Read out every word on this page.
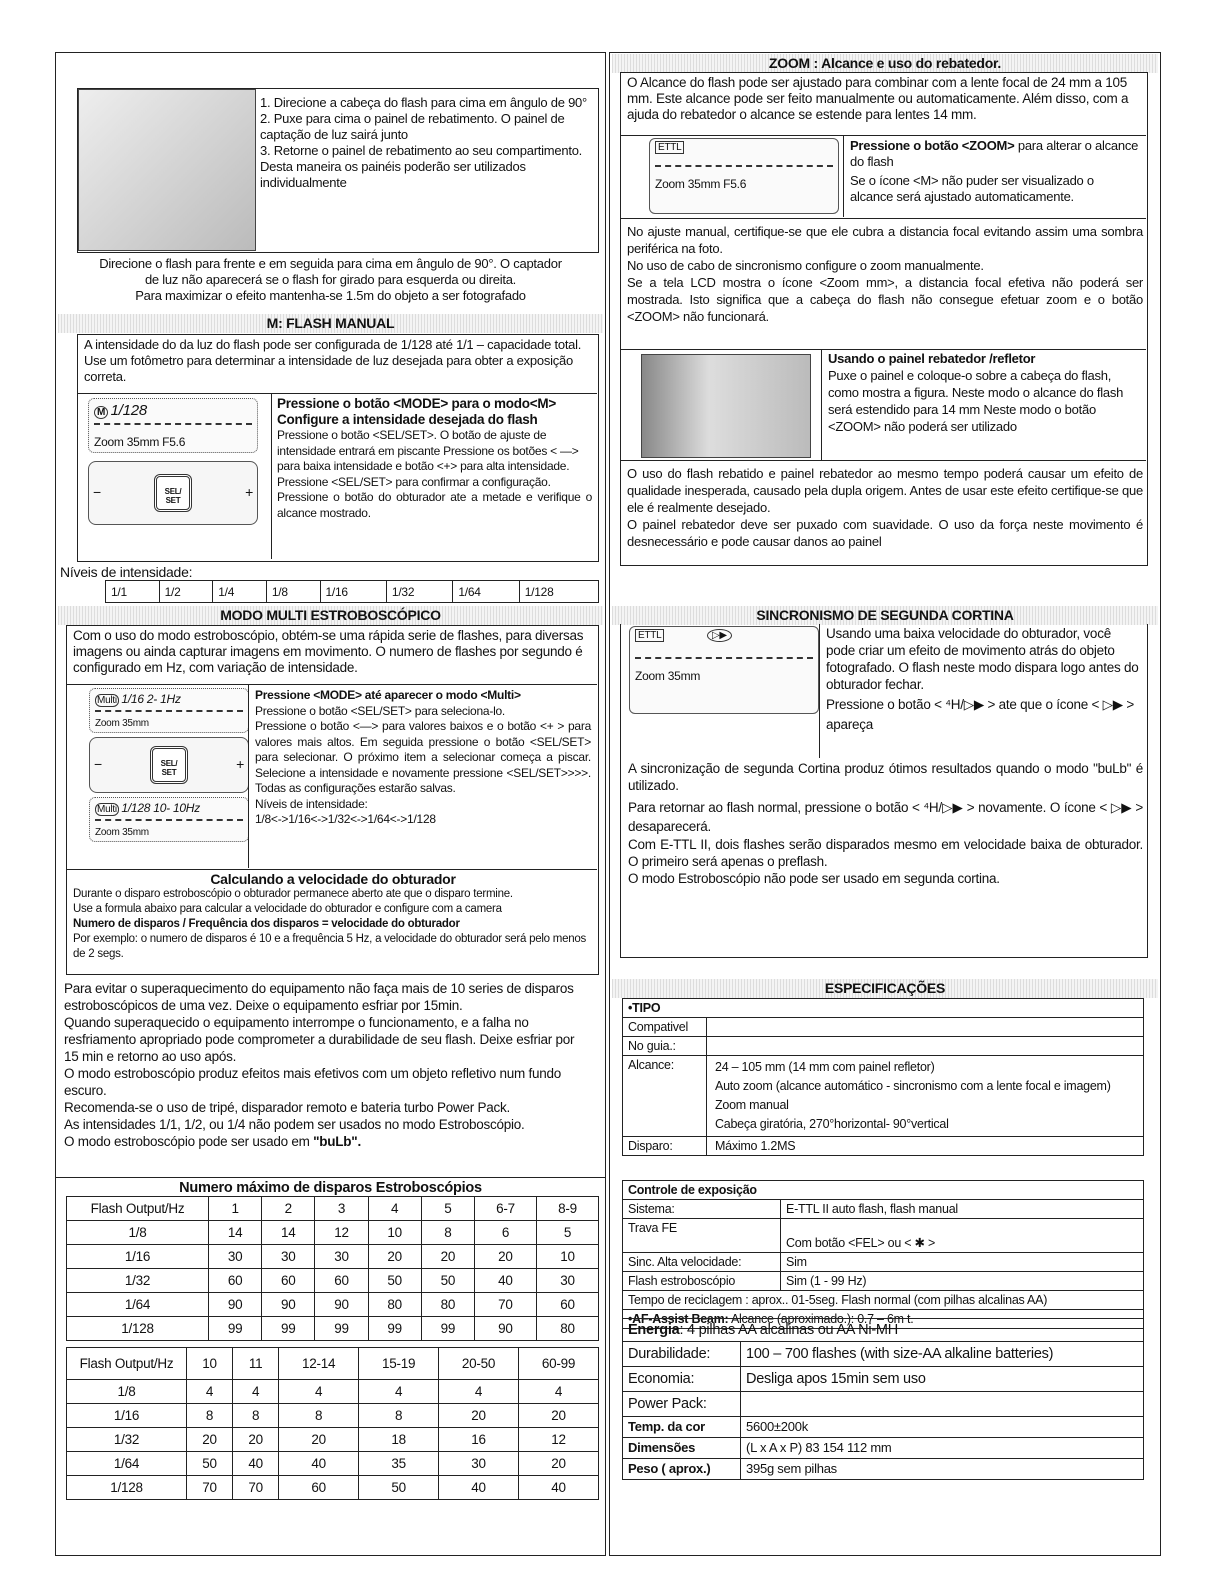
1. Direcione a cabeça do flash para cima em ângulo de 90°

2. Puxe para cima o painel de rebatimento. O painel de captação de luz sairá junto

3. Retorne o painel de rebatimento ao seu compartimento.

Desta maneira os painéis poderão ser utilizados individualmente

Direcione o flash para frente e em seguida para cima em ângulo de 90°. O captador

de luz não aparecerá se o flash for girado para esquerda ou direita.

Para maximizar o efeito mantenha-se 1.5m do objeto a ser fotografado

M: FLASH MANUAL

A intensidade do da luz do flash pode ser configurada de 1/128 até 1/1 – capacidade total. Use um fotômetro para determinar a intensidade de luz desejada para obter a exposição correta.

M 1/128
Zoom 35mm F5.6
−	SEL/ SET
+

Pressione o botão <MODE> para o modo<M>

Configure a intensidade desejada do flash

Pressione o botão <SEL/SET>. O botão de ajuste de intensidade entrará em piscante Pressione os botões < —> para baixa intensidade e botão <+> para alta intensidade. Pressione <SEL/SET> para confirmar a configuração.

Pressione o botão do obturador ate a metade e verifique o alcance mostrado.

Níveis de intensidade:

1/1	1/2	1/4	1/8	1/16	1/32	1/64	1/128
MODO MULTI ESTROBOSCÓPICO

Com o uso do modo estroboscópio, obtém-se uma rápida serie de flashes, para diversas imagens ou ainda capturar imagens em movimento. O numero de flashes por segundo é configurado em Hz, com variação de intensidade.

Multi 1/16 2- 1Hz
Zoom 35mm
−	SEL/ SET
+
Multi 1/128 10- 10Hz
Zoom 35mm

Pressione <MODE> até aparecer o modo <Multi>

Pressione o botão <SEL/SET> para seleciona-lo.

Pressione o botão <—> para valores baixos e o botão <+ > para valores mais altos. Em seguida pressione o botão <SEL/SET> para selecionar. O próximo item a selecionar começa a piscar. Selecione a intensidade e novamente pressione <SEL/SET>>>>. Todas as configurações estarão salvas.

Níveis de intensidade:

1/8<->1/16<->1/32<->1/64<->1/128

Calculando a velocidade do obturador

Durante o disparo estroboscópio o obturador permanece aberto ate que o disparo termine.

Use a formula abaixo para calcular a velocidade do obturador e configure com a camera

Numero de disparos / Frequência dos disparos = velocidade do obturador

Por exemplo: o numero de disparos é 10 e a frequência 5 Hz, a velocidade do obturador será pelo menos de 2 segs.

Para evitar o superaquecimento do equipamento não faça mais de 10 series de disparos estroboscópicos de uma vez. Deixe o equipamento esfriar por 15min.

Quando superaquecido o equipamento interrompe o funcionamento, e a falha no resfriamento apropriado pode comprometer a durabilidade de seu flash. Deixe esfriar por 15 min e retorno ao uso após.

O modo estroboscópio produz efeitos mais efetivos com um objeto refletivo num fundo escuro.

Recomenda-se o uso de tripé, disparador remoto e bateria turbo Power Pack.

As intensidades 1/1, 1/2, ou 1/4 não podem ser usados no modo Estroboscópio.

O modo estroboscópio pode ser usado em "buLb".

Numero máximo de disparos Estroboscópios

Flash Output/Hz	1	2	3	4	5	6-7	8-9
1/8	14	14	12	10	8	6	5
1/16	30	30	30	20	20	20	10
1/32	60	60	60	50	50	40	30
1/64	90	90	90	80	80	70	60
1/128	99	99	99	99	99	90	80
Flash Output/Hz	10	11	12-14	15-19	20-50	60-99
1/8	4	4	4	4	4	4
1/16	8	8	8	8	20	20
1/32	20	20	20	18	16	12
1/64	50	40	40	35	30	20
1/128	70	70	60	50	40	40
ZOOM : Alcance e uso do rebatedor.

O Alcance do flash pode ser ajustado para combinar com a lente focal de 24 mm a 105 mm. Este alcance pode ser feito manualmente ou automaticamente. Além disso, com a ajuda do rebatedor o alcance se estende para lentes 14 mm.

ETTL
Zoom 35mm F5.6

Pressione o botão <ZOOM> para alterar o alcance do flash

Se o ícone <M> não puder ser visualizado o alcance será ajustado automaticamente.

No ajuste manual, certifique-se que ele cubra a distancia focal evitando assim uma sombra periférica na foto.

No uso de cabo de sincronismo configure o zoom manualmente.

Se a tela LCD mostra o ícone <Zoom mm>, a distancia focal efetiva não poderá ser mostrada. Isto significa que a cabeça do flash não consegue efetuar zoom e o botão <ZOOM> não funcionará.

Usando o painel rebatedor /refletor

Puxe o painel e coloque-o sobre a cabeça do flash, como mostra a figura. Neste modo o alcance do flash será estendido para 14 mm Neste modo o botão <ZOOM> não poderá ser utilizado

O uso do flash rebatido e painel rebatedor ao mesmo tempo poderá causar um efeito de qualidade inesperada, causado pela dupla origem. Antes de usar este efeito certifique-se que ele é realmente desejado.

O painel rebatedor deve ser puxado com suavidade. O uso da força neste movimento é desnecessário e pode causar danos ao painel

SINCRONISMO DE SEGUNDA CORTINA
ETTL	▷▶
Zoom 35mm

Usando uma baixa velocidade do obturador, você pode criar um efeito de movimento atrás do objeto fotografado. O flash neste modo dispara logo antes do obturador fechar.

Pressione o botão < ⁴H/▷▶ > ate que o ícone < ▷▶ > apareça

A sincronização de segunda Cortina produz ótimos resultados quando o modo "buLb" é utilizado.

Para retornar ao flash normal, pressione o botão < ⁴H/▷▶ > novamente. O ícone < ▷▶ > desaparecerá.

Com E-TTL II, dois flashes serão disparados mesmo em velocidade baixa de obturador. O primeiro será apenas o preflash.

O modo Estroboscópio não pode ser usado em segunda cortina.

ESPECIFICAÇÕES
•TIPO	
Compativel	
No guia.:	
Alcance:	24 – 105 mm (14 mm com painel refletor)

Auto zoom (alcance automático - sincronismo com a lente focal e imagem)

Zoom manual

Cabeça giratória, 270°horizontal- 90°vertical

Disparo:	Máximo 1.2MS
Controle de exposição	
Sistema:	E-TTL II auto flash, flash manual
Trava FE	Com botão <FEL> ou < ✱ >
Sinc. Alta velocidade:	Sim
Flash estroboscópio	Sim (1 - 99 Hz)
Tempo de reciclagem : aprox.. 01-5seg. Flash normal (com pilhas alcalinas AA)	
•AF-Assist Beam: Alcance (aproximado.): 0.7 – 6m t.	
Energia: 4 pilhas AA alcalinas ou AA Ni-MH	
Durabilidade:	100 – 700 flashes (with size-AA alkaline batteries)
Economia:	Desliga apos 15min sem uso
Power Pack:	
Temp. da cor	5600±200k
Dimensões	(L x A x P) 83 154 112 mm
Peso ( aprox.)	395g sem pilhas
